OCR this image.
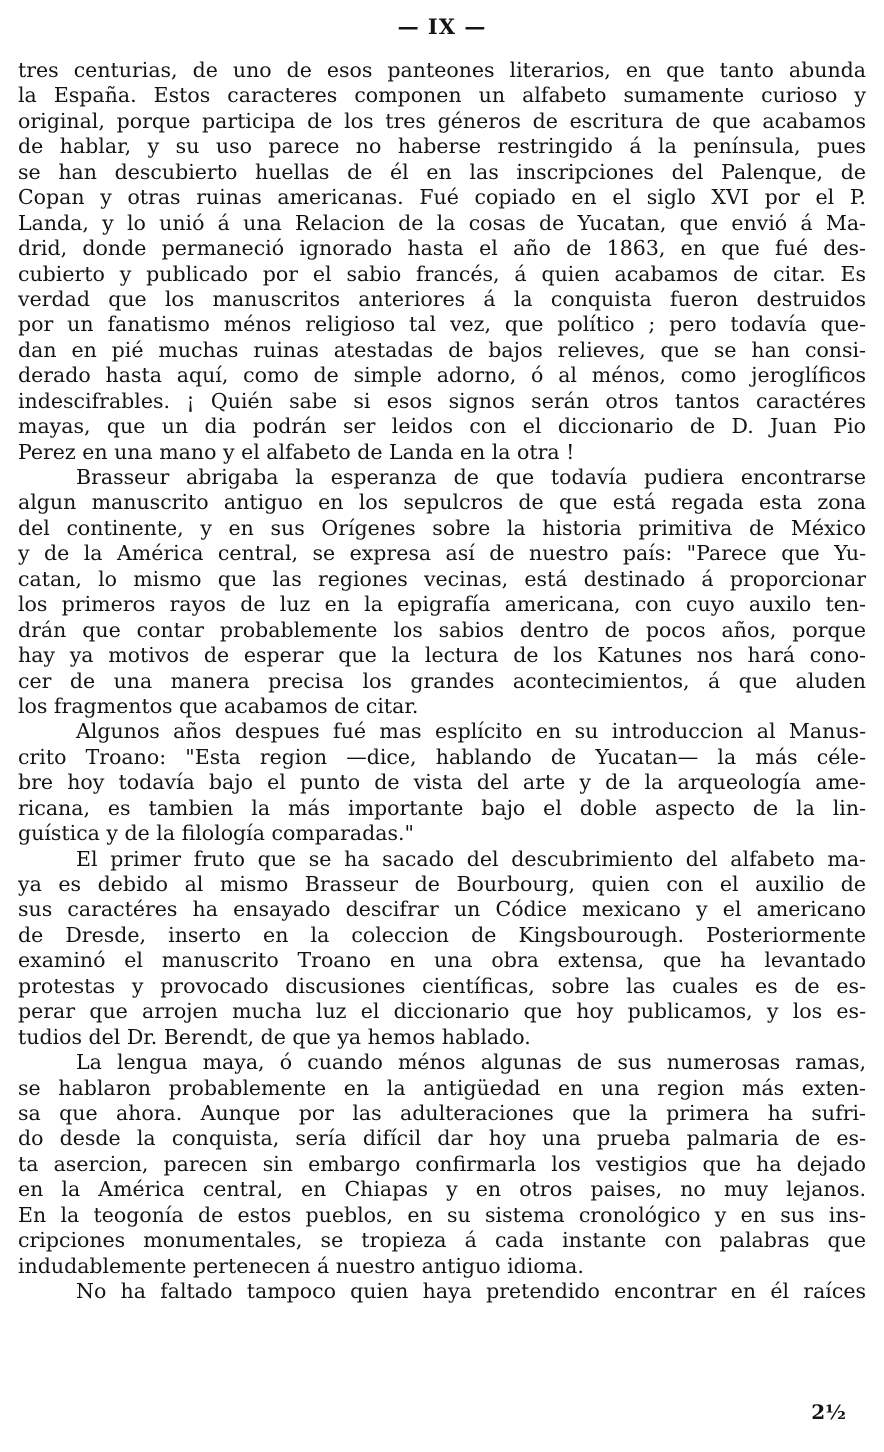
— IX —
tres centurias, de uno de esos panteones literarios, en que tanto abunda
la España. Estos caracteres componen un alfabeto sumamente curioso y
original, porque participa de los tres géneros de escritura de que acabamos
de hablar, y su uso parece no haberse restringido á la península, pues
se han descubierto huellas de él en las inscripciones del Palenque, de
Copan y otras ruinas americanas. Fué copiado en el siglo XVI por el P.
Landa, y lo unió á una Relacion de la cosas de Yucatan, que envió á Ma-
drid, donde permaneció ignorado hasta el año de 1863, en que fué des-
cubierto y publicado por el sabio francés, á quien acabamos de citar. Es
verdad que los manuscritos anteriores á la conquista fueron destruidos
por un fanatismo ménos religioso tal vez, que político ; pero todavía que-
dan en pié muchas ruinas atestadas de bajos relieves, que se han consi-
derado hasta aquí, como de simple adorno, ó al ménos, como jeroglíficos
indescifrables. ¡ Quién sabe si esos signos serán otros tantos caractéres
mayas, que un dia podrán ser leidos con el diccionario de D. Juan Pio
Perez en una mano y el alfabeto de Landa en la otra !
Brasseur abrigaba la esperanza de que todavía pudiera encontrarse
algun manuscrito antiguo en los sepulcros de que está regada esta zona
del continente, y en sus Orígenes sobre la historia primitiva de México
y de la América central, se expresa así de nuestro país: "Parece que Yu-
catan, lo mismo que las regiones vecinas, está destinado á proporcionar
los primeros rayos de luz en la epigrafía americana, con cuyo auxilo ten-
drán que contar probablemente los sabios dentro de pocos años, porque
hay ya motivos de esperar que la lectura de los Katunes nos hará cono-
cer de una manera precisa los grandes acontecimientos, á que aluden
los fragmentos que acabamos de citar.
Algunos años despues fué mas esplícito en su introduccion al Manus-
crito Troano: "Esta region —dice, hablando de Yucatan— la más céle-
bre hoy todavía bajo el punto de vista del arte y de la arqueología ame-
ricana, es tambien la más importante bajo el doble aspecto de la lin-
guística y de la filología comparadas."
El primer fruto que se ha sacado del descubrimiento del alfabeto ma-
ya es debido al mismo Brasseur de Bourbourg, quien con el auxilio de
sus caractéres ha ensayado descifrar un Códice mexicano y el americano
de Dresde, inserto en la coleccion de Kingsbourough. Posteriormente
examinó el manuscrito Troano en una obra extensa, que ha levantado
protestas y provocado discusiones científicas, sobre las cuales es de es-
perar que arrojen mucha luz el diccionario que hoy publicamos, y los es-
tudios del Dr. Berendt, de que ya hemos hablado.
La lengua maya, ó cuando ménos algunas de sus numerosas ramas,
se hablaron probablemente en la antigüedad en una region más exten-
sa que ahora. Aunque por las adulteraciones que la primera ha sufri-
do desde la conquista, sería difícil dar hoy una prueba palmaria de es-
ta asercion, parecen sin embargo confirmarla los vestigios que ha dejado
en la América central, en Chiapas y en otros paises, no muy lejanos.
En la teogonía de estos pueblos, en su sistema cronológico y en sus ins-
cripciones monumentales, se tropieza á cada instante con palabras que
indudablemente pertenecen á nuestro antiguo idioma.
No ha faltado tampoco quien haya pretendido encontrar en él raíces
2½
